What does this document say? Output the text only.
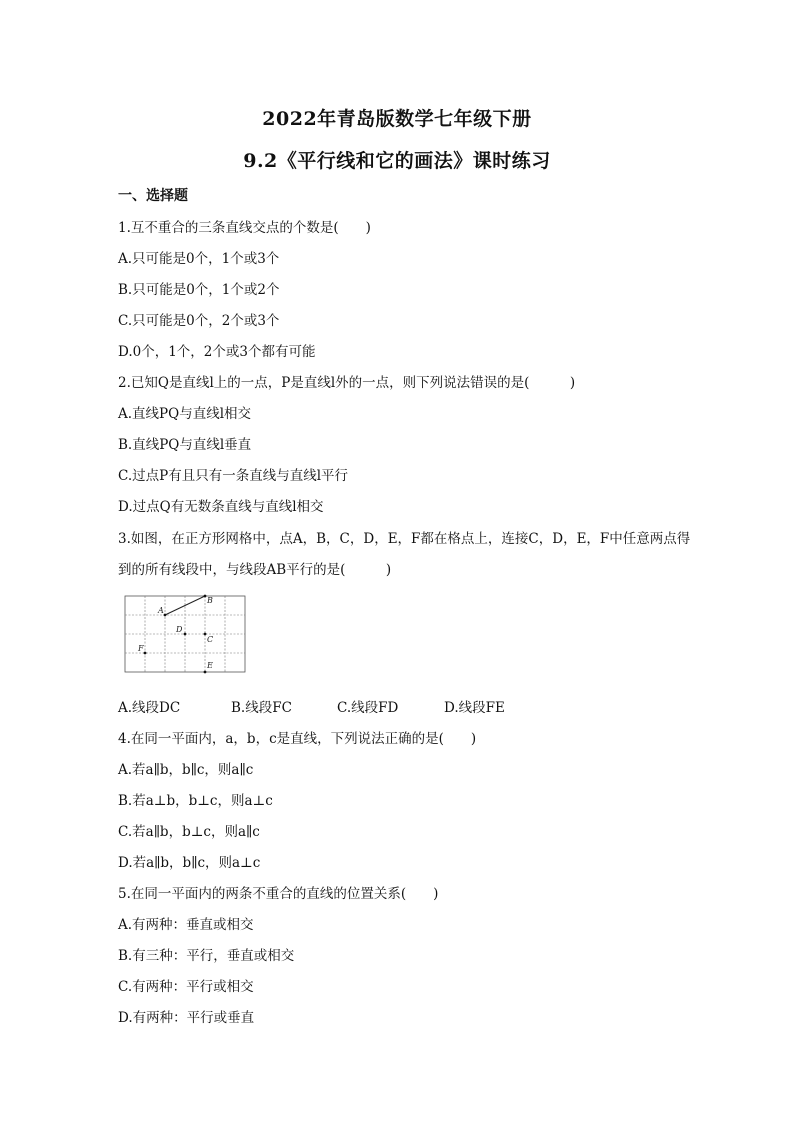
2022年青岛版数学七年级下册
9.2《平行线和它的画法》课时练习
一、选择题
1.互不重合的三条直线交点的个数是(　　)
A.只可能是0个，1个或3个
B.只可能是0个，1个或2个
C.只可能是0个，2个或3个
D.0个，1个，2个或3个都有可能
2.已知Q是直线l上的一点，P是直线l外的一点，则下列说法错误的是(　　　)
A.直线PQ与直线l相交
B.直线PQ与直线l垂直
C.过点P有且只有一条直线与直线l平行
D.过点Q有无数条直线与直线l相交
3.如图，在正方形网格中，点A，B，C，D，E，F都在格点上，连接C，D，E，F中任意两点得
到的所有线段中，与线段AB平行的是(　　　)
A
B
D
C
F
E
A.线段DC	B.线段FC	C.线段FD	D.线段FE
4.在同一平面内，a，b，c是直线，下列说法正确的是(　　)
A.若a∥b，b∥c，则a∥c
B.若a⊥b，b⊥c，则a⊥c
C.若a∥b，b⊥c，则a∥c
D.若a∥b，b∥c，则a⊥c
5.在同一平面内的两条不重合的直线的位置关系(　　)
A.有两种：垂直或相交
B.有三种：平行，垂直或相交
C.有两种：平行或相交
D.有两种：平行或垂直
